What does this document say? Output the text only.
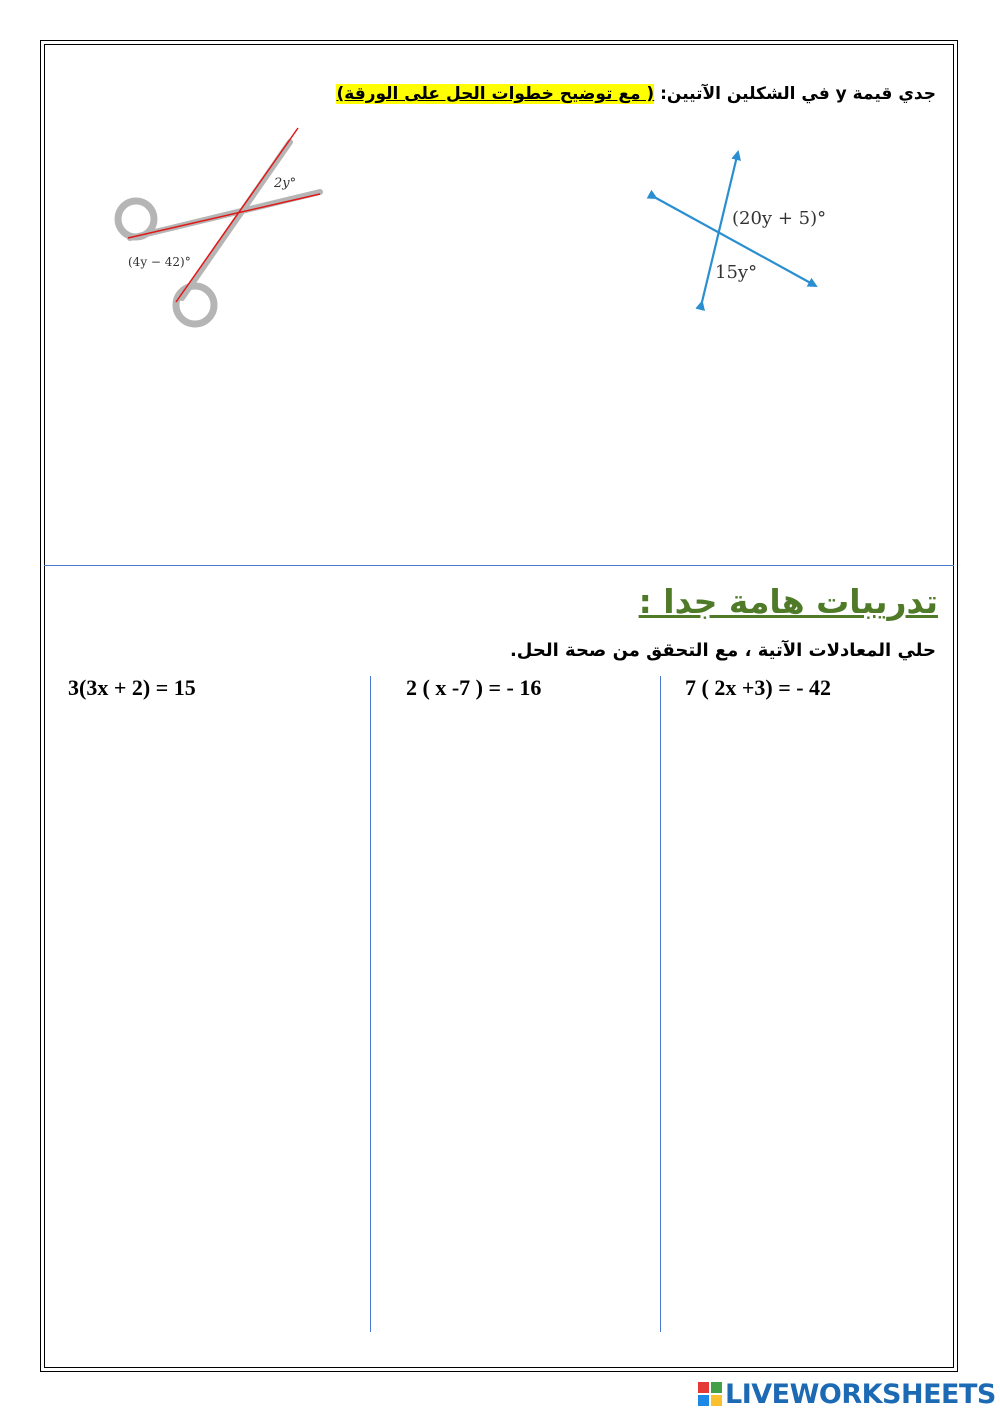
جدي قيمة y في الشكلين الآتيين: ( مع توضيح خطوات الحل على الورقة)
2y°
(4y − 42)°
(20y + 5)°
15y°
تدريبات هامة جدا :
حلي المعادلات الآتية ، مع التحقق من صحة الحل.
3(3x + 2) = 15	2 ( x -7 ) = - 16	7 ( 2x +3) = - 42
LIVEWORKSHEETS
